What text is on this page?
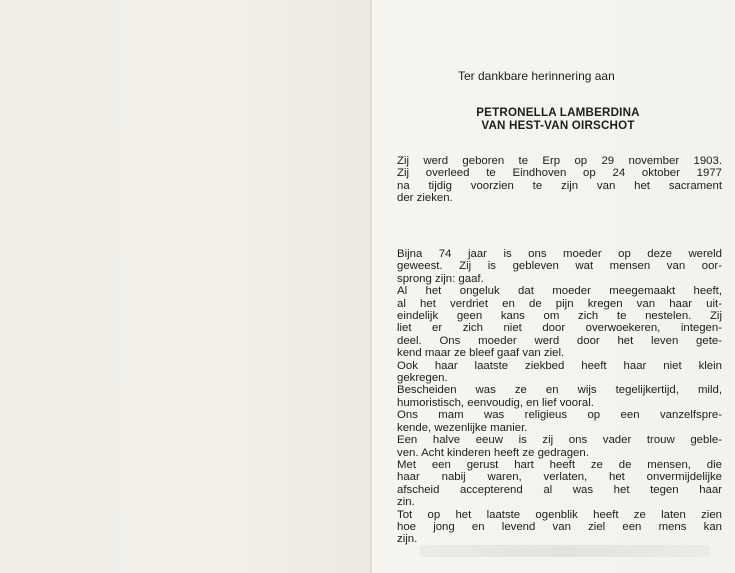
Ter dankbare herinnering aan
PETRONELLA LAMBERDINA
VAN HEST-VAN OIRSCHOT
Zij werd geboren te Erp op 29 november 1903.
Zij overleed te Eindhoven op 24 oktober 1977
na tijdig voorzien te zijn van het sacrament
der zieken.
Bijna 74 jaar is ons moeder op deze wereld
geweest. Zij is gebleven wat mensen van oor-
sprong zijn: gaaf.
Al het ongeluk dat moeder meegemaakt heeft,
al het verdriet en de pijn kregen van haar uit-
eindelijk geen kans om zich te nestelen. Zij
liet er zich niet door overwoekeren, integen-
deel. Ons moeder werd door het leven gete-
kend maar ze bleef gaaf van ziel.
Ook haar laatste ziekbed heeft haar niet klein
gekregen.
Bescheiden was ze en wijs tegelijkertijd, mild,
humoristisch, eenvoudig, en lief vooral.
Ons mam was religieus op een vanzelfspre-
kende, wezenlijke manier.
Een halve eeuw is zij ons vader trouw geble-
ven. Acht kinderen heeft ze gedragen.
Met een gerust hart heeft ze de mensen, die
haar nabij waren, verlaten, het onvermijdelijke
afscheid accepterend al was het tegen haar
zin.
Tot op het laatste ogenblik heeft ze laten zien
hoe jong en levend van ziel een mens kan
zijn.
